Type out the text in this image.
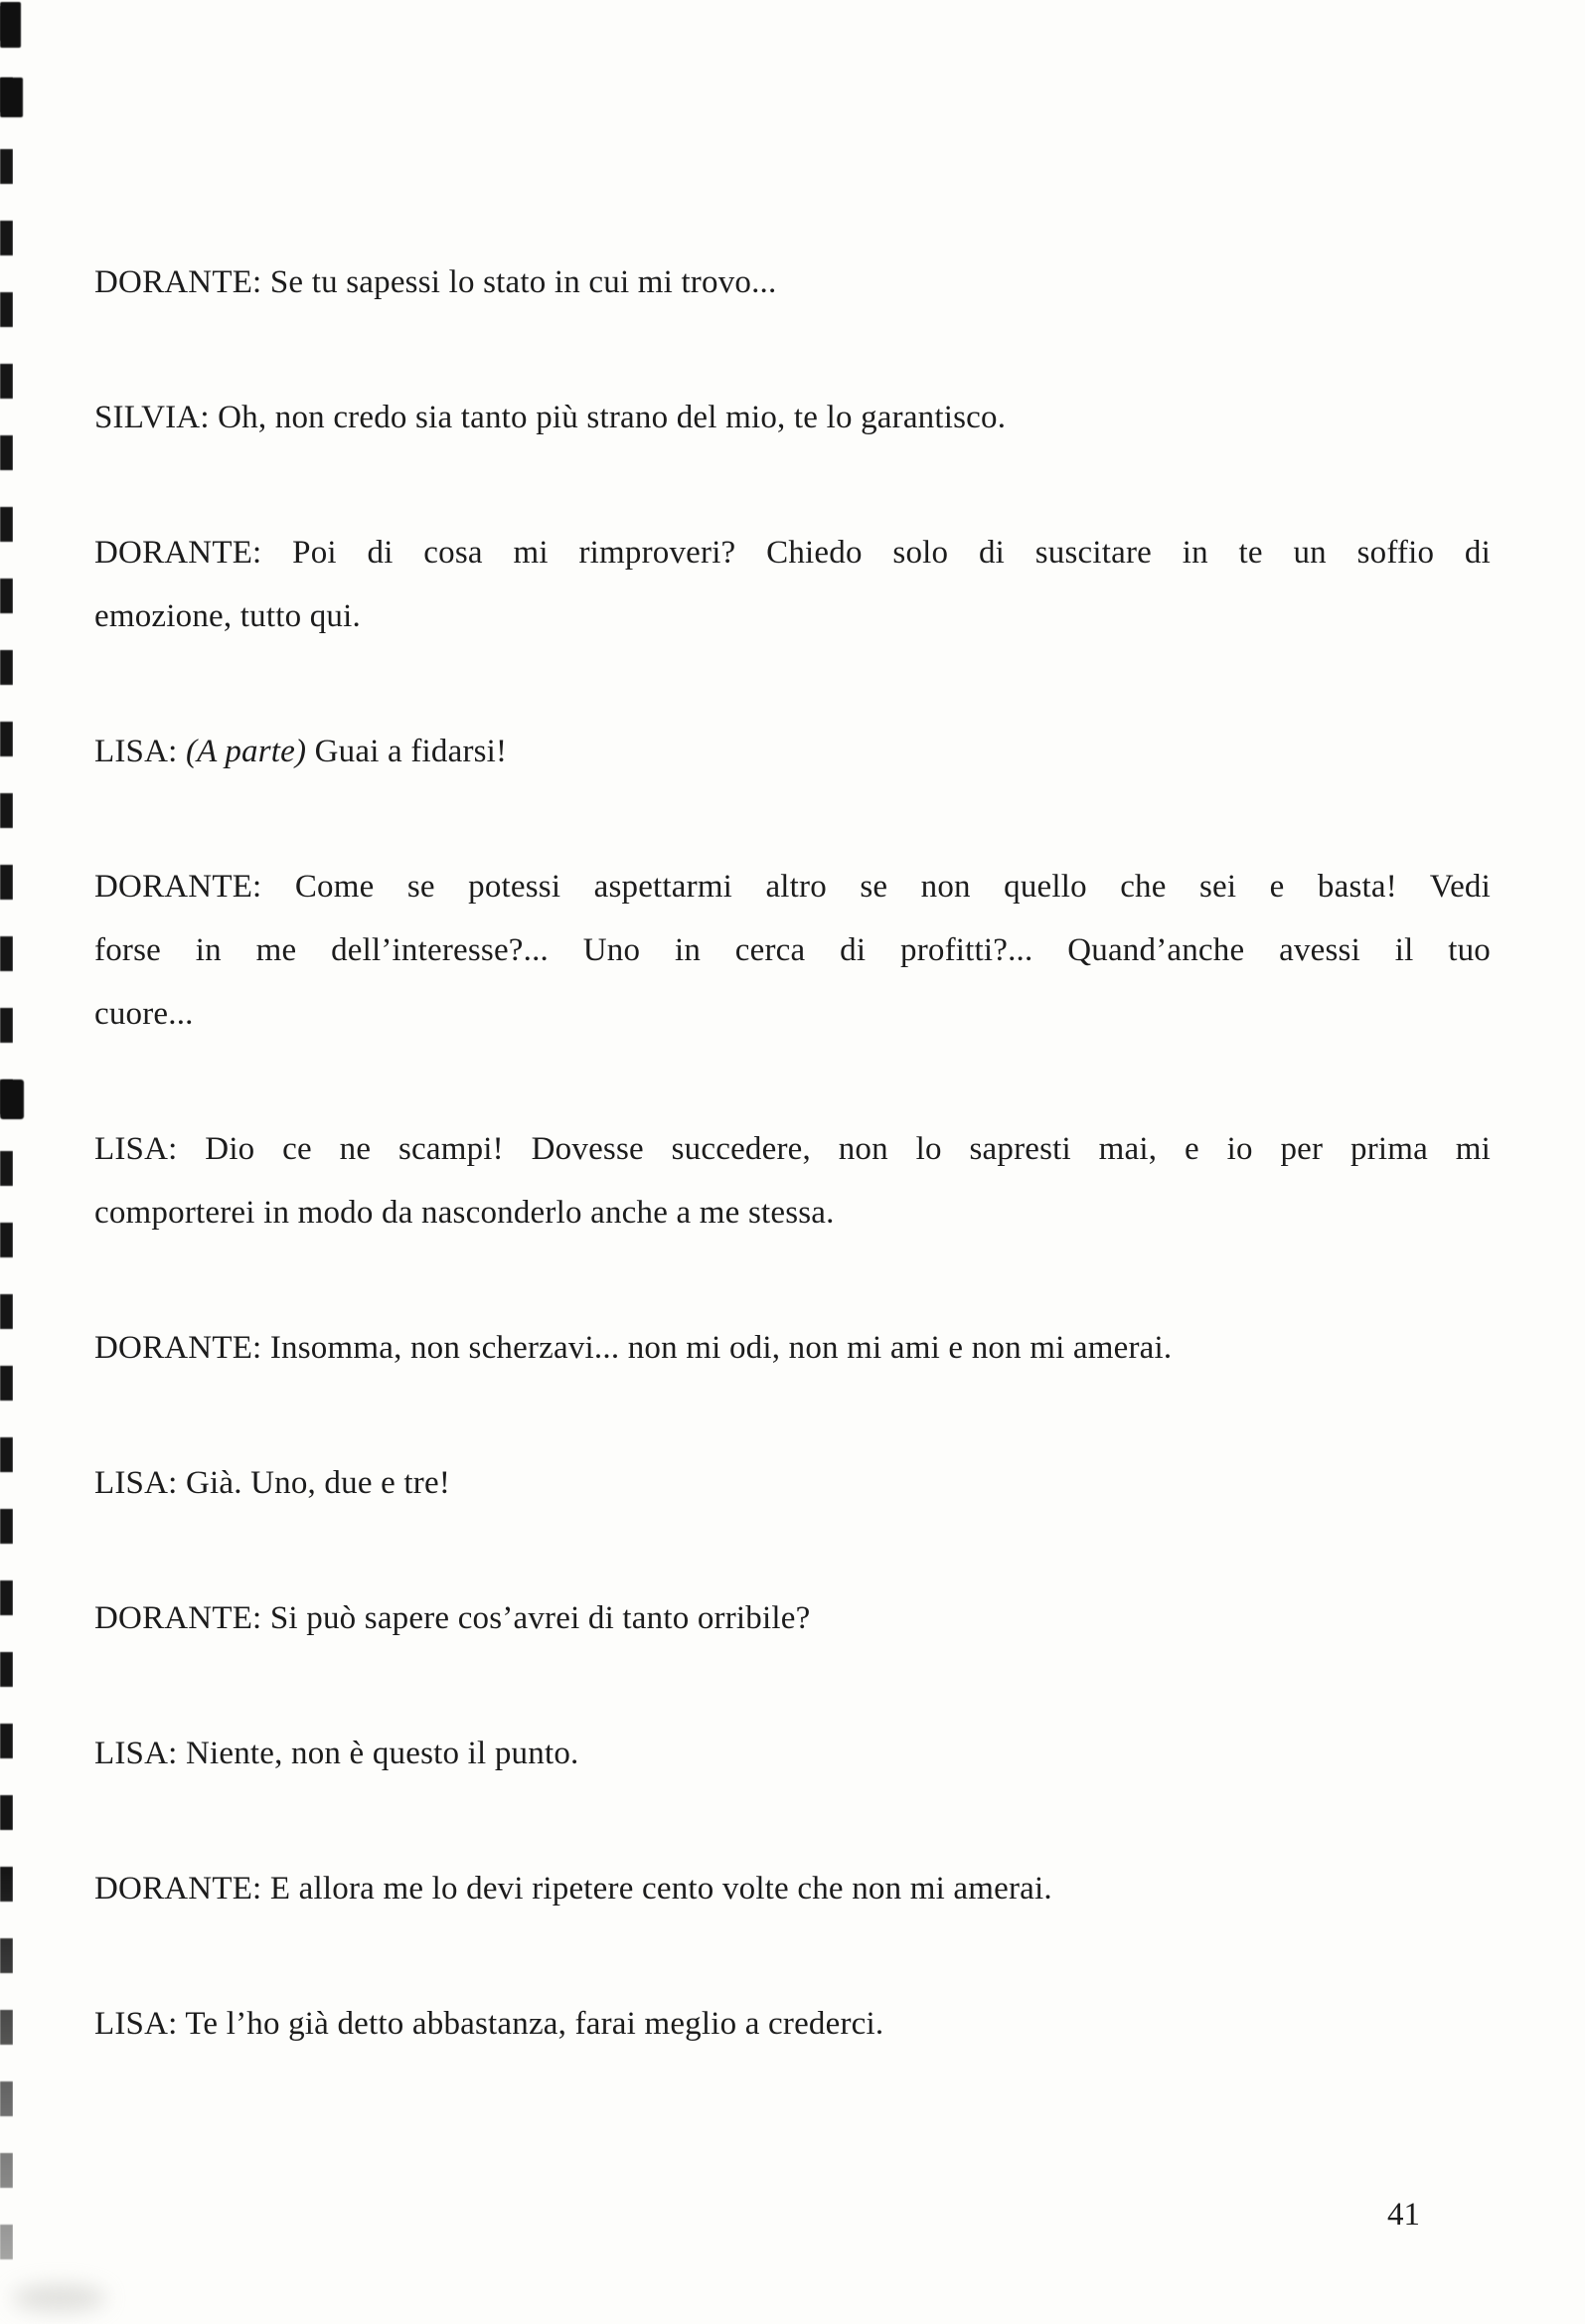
DORANTE: Se tu sapessi lo stato in cui mi trovo...

SILVIA: Oh, non credo sia tanto più strano del mio, te lo garantisco.

DORANTE: Poi di cosa mi rimproveri? Chiedo solo di suscitare in te un soffio di
emozione, tutto qui.

LISA: (A parte) Guai a fidarsi!

DORANTE: Come se potessi aspettarmi altro se non quello che sei e basta! Vedi
forse in me dell’interesse?... Uno in cerca di profitti?... Quand’anche avessi il tuo
cuore...

LISA: Dio ce ne scampi! Dovesse succedere, non lo sapresti mai, e io per prima mi
comporterei in modo da nasconderlo anche a me stessa.

DORANTE: Insomma, non scherzavi... non mi odi, non mi ami e non mi amerai.

LISA: Già. Uno, due e tre!

DORANTE: Si può sapere cos’avrei di tanto orribile?

LISA: Niente, non è questo il punto.

DORANTE: E allora me lo devi ripetere cento volte che non mi amerai.

LISA: Te l’ho già detto abbastanza, farai meglio a crederci.

41
